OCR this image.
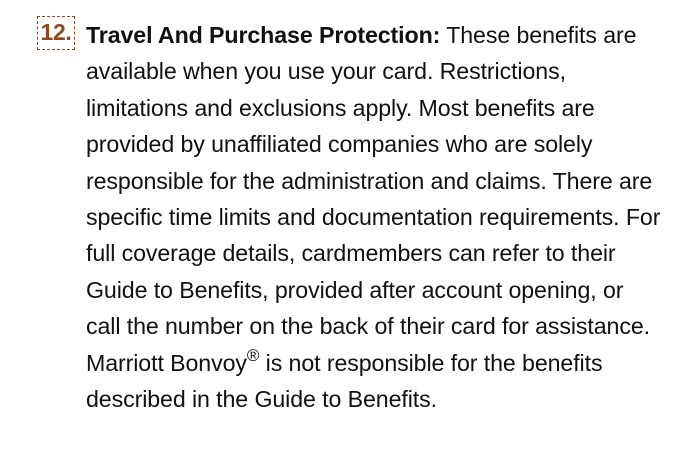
12. Travel And Purchase Protection: These benefits are available when you use your card. Restrictions, limitations and exclusions apply. Most benefits are provided by unaffiliated companies who are solely responsible for the administration and claims. There are specific time limits and documentation requirements. For full coverage details, cardmembers can refer to their Guide to Benefits, provided after account opening, or call the number on the back of their card for assistance. Marriott Bonvoy® is not responsible for the benefits described in the Guide to Benefits.
